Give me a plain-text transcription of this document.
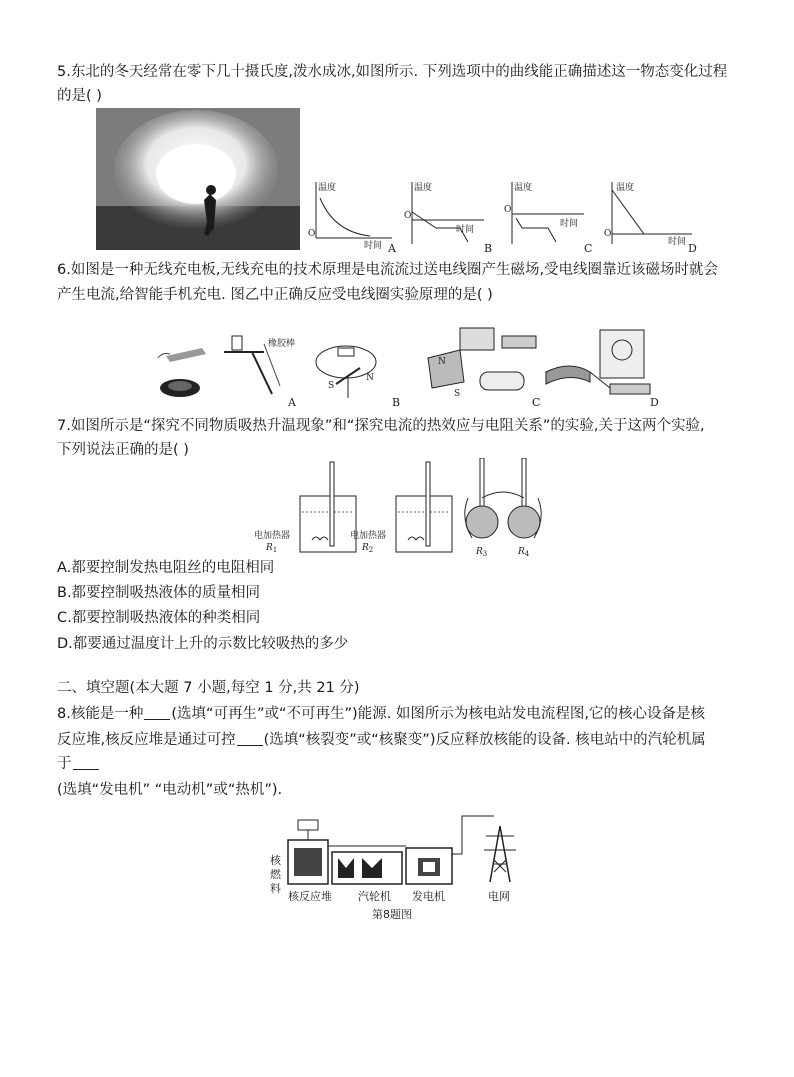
5.东北的冬天经常在零下几十摄氏度,泼水成冰,如图所示. 下列选项中的曲线能正确描述这一物态变化过程
的是( )
温度
时间
O
A
温度
时间
O
B
温度
时间
O
C
温度
时间
O
D
6.如图是一种无线充电板,无线充电的技术原理是电流流过送电线圈产生磁场,受电线圈靠近该磁场时就会
产生电流,给智能手机充电. 图乙中正确反应受电线圈实验原理的是( )
橡胶棒
A
S
N
B
N
S
C	D
7.如图所示是“探究不同物质吸热升温现象”和“探究电流的热效应与电阻关系”的实验,关于这两个实验,
下列说法正确的是( )
电加热器
$R_1$
电加热器
$R_2$	$R_3$	$R_4$
A.都要控制发热电阻丝的电阻相同
B.都要控制吸热液体的质量相同
C.都要控制吸热液体的种类相同
D.都要通过温度计上升的示数比较吸热的多少
二、填空题(本大题 7 小题,每空 1 分,共 21 分)
8.核能是一种 (选填“可再生”或“不可再生”)能源. 如图所示为核电站发电流程图,它的核心设备是核
反应堆,核反应堆是通过可控 (选填“核裂变”或“核聚变”)反应释放核能的设备. 核电站中的汽轮机属
于
(选填“发电机” “电动机”或“热机”).
核
燃
料
核反应堆 汽轮机 发电机	电网
第8题图
